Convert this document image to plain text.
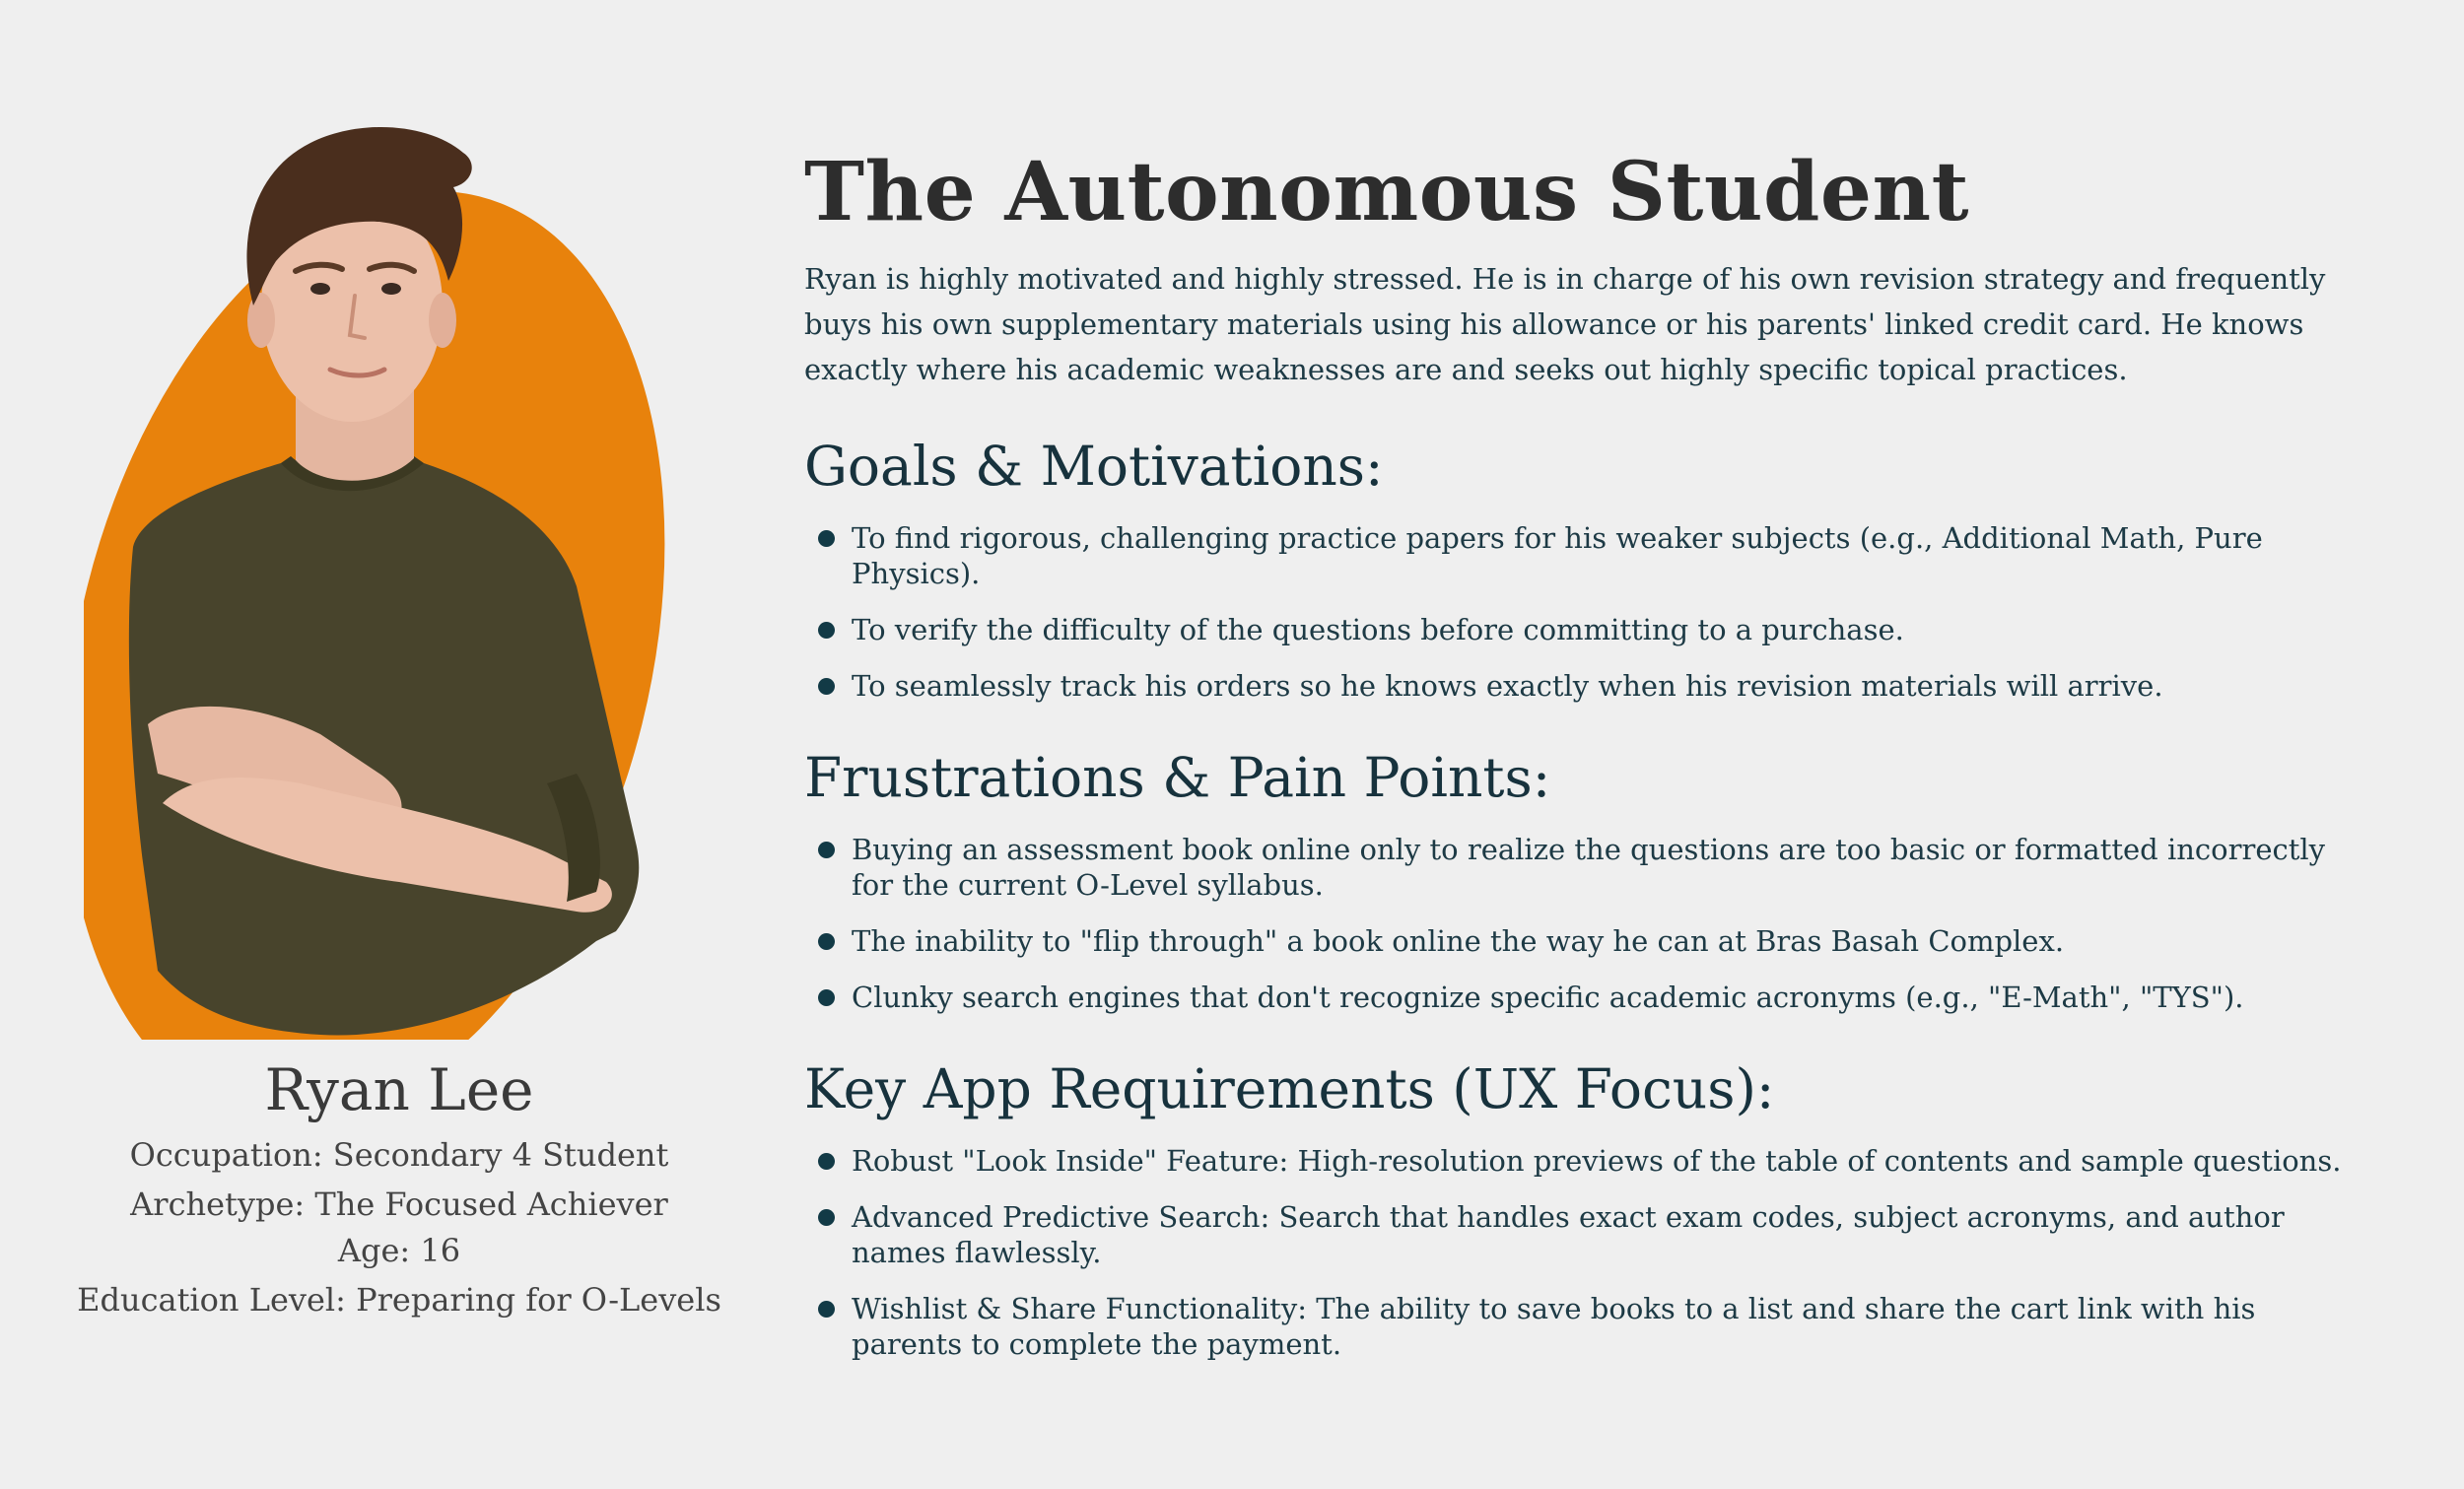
Ryan Lee
Occupation: Secondary 4 Student
Archetype: The Focused Achiever
Age: 16
Education Level: Preparing for O-Levels
The Autonomous Student

Ryan is highly motivated and highly stressed. He is in charge of his own revision strategy and frequently buys his own supplementary materials using his allowance or his parents' linked credit card. He knows exactly where his academic weaknesses are and seeks out highly specific topical practices.

Goals & Motivations:
To find rigorous, challenging practice papers for his weaker subjects (e.g., Additional Math, Pure Physics).
To verify the difficulty of the questions before committing to a purchase.
To seamlessly track his orders so he knows exactly when his revision materials will arrive.
Frustrations & Pain Points:
Buying an assessment book online only to realize the questions are too basic or formatted incorrectly for the current O-Level syllabus.
The inability to "flip through" a book online the way he can at Bras Basah Complex.
Clunky search engines that don't recognize specific academic acronyms (e.g., "E-Math", "TYS").
Key App Requirements (UX Focus):
Robust "Look Inside" Feature: High-resolution previews of the table of contents and sample questions.
Advanced Predictive Search: Search that handles exact exam codes, subject acronyms, and author names flawlessly.
Wishlist & Share Functionality: The ability to save books to a list and share the cart link with his parents to complete the payment.
